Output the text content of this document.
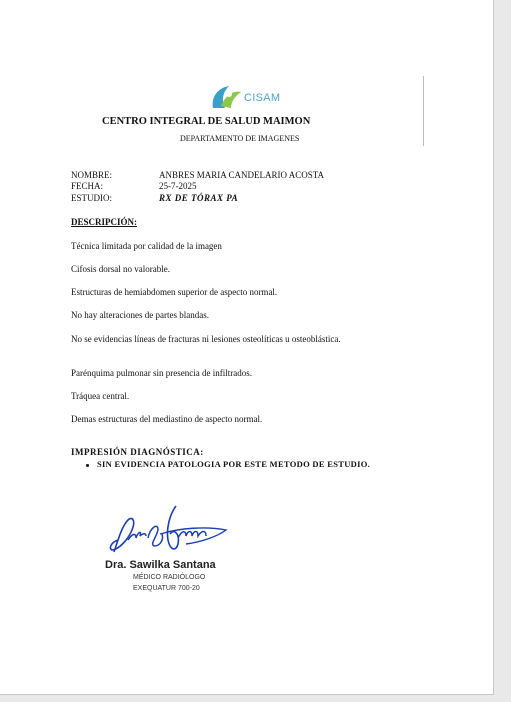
CISAM
CENTRO INTEGRAL DE SALUD MAIMON
DEPARTAMENTO DE IMAGENES
NOMBRE:	ANBRES MARIA CANDELARIO ACOSTA
FECHA:	25-7-2025
ESTUDIO:	RX DE TÓRAX PA
DESCRIPCIÓN:
Técnica limitada por calidad de la imagen
Cifosis dorsal no valorable.
Estructuras de hemiabdomen superior de aspecto normal.
No hay alteraciones de partes blandas.
No se evidencias líneas de fracturas ni lesiones osteolíticas u osteoblástica.
Parénquima pulmonar sin presencia de infiltrados.
Tráquea central.
Demas estructuras del mediastino de aspecto normal.
IMPRESIÓN DIAGNÓSTICA:
SIN EVIDENCIA PATOLOGIA POR ESTE METODO DE ESTUDIO.
Dra. Sawilka Santana
MÉDICO RADIÓLOGO
EXEQUATUR 700-20
